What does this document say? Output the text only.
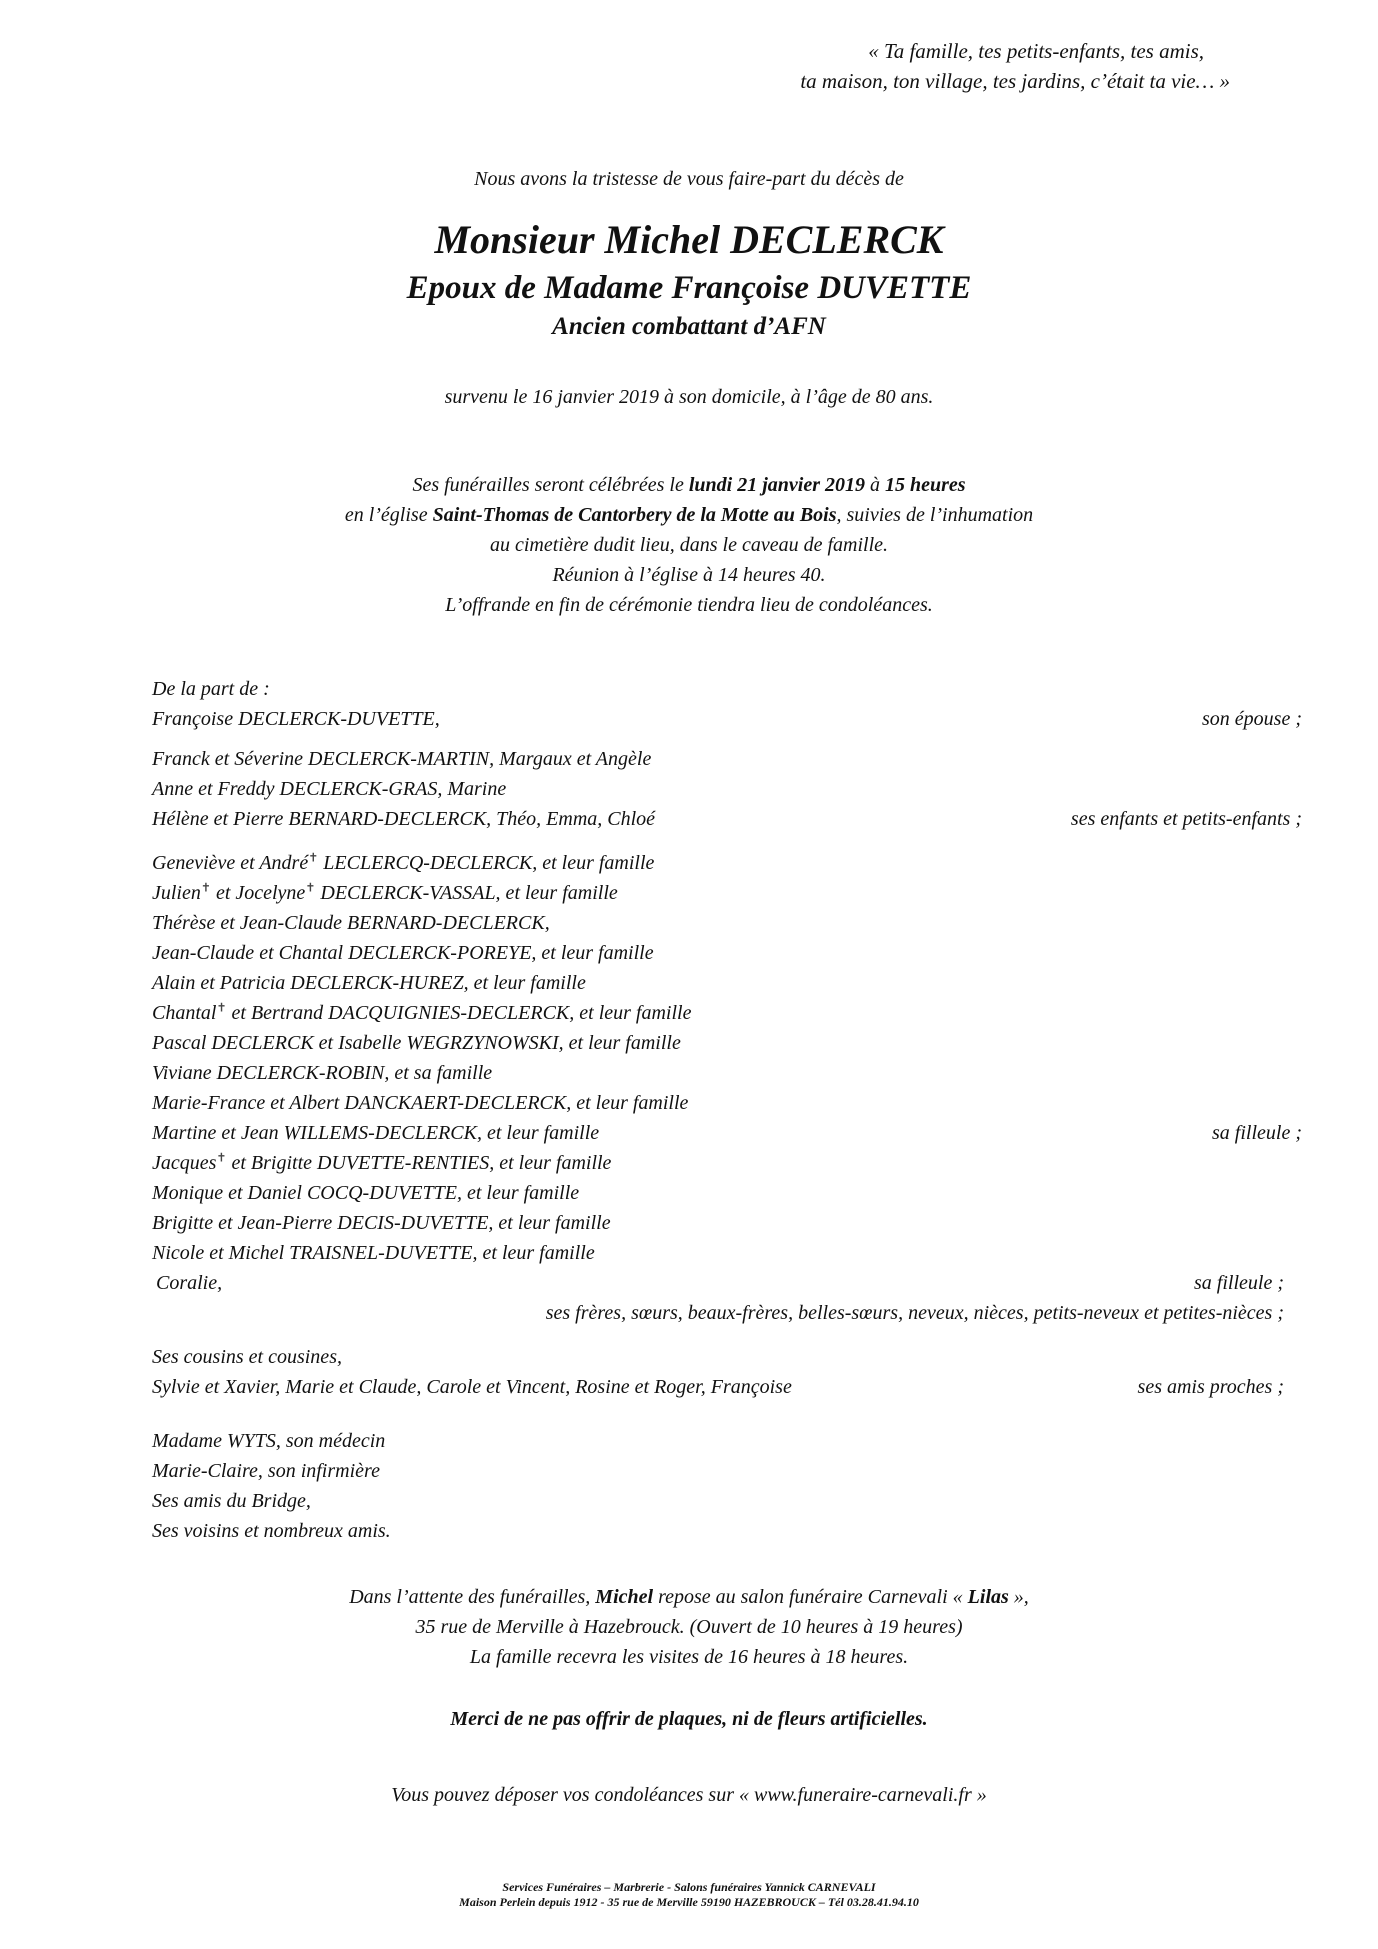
« Ta famille, tes petits-enfants, tes amis,
ta maison, ton village, tes jardins, c’était ta vie… »
Nous avons la tristesse de vous faire-part du décès de
Monsieur Michel DECLERCK
Epoux de Madame Françoise DUVETTE
Ancien combattant d’AFN
survenu le 16 janvier 2019 à son domicile, à l’âge de 80 ans.
Ses funérailles seront célébrées le lundi 21 janvier 2019 à 15 heures
en l’église Saint-Thomas de Cantorbery de la Motte au Bois, suivies de l’inhumation
au cimetière dudit lieu, dans le caveau de famille.
Réunion à l’église à 14 heures 40.
L’offrande en fin de cérémonie tiendra lieu de condoléances.
De la part de :
Françoise DECLERCK-DUVETTE,	son épouse ;
Franck et Séverine DECLERCK-MARTIN, Margaux et Angèle
Anne et Freddy DECLERCK-GRAS, Marine
Hélène et Pierre BERNARD-DECLERCK, Théo, Emma, Chloé	ses enfants et petits-enfants ;
Geneviève et André✝ LECLERCQ-DECLERCK, et leur famille
Julien✝ et Jocelyne✝ DECLERCK-VASSAL, et leur famille
Thérèse et Jean-Claude BERNARD-DECLERCK,
Jean-Claude et Chantal DECLERCK-POREYE, et leur famille
Alain et Patricia DECLERCK-HUREZ, et leur famille
Chantal✝ et Bertrand DACQUIGNIES-DECLERCK, et leur famille
Pascal DECLERCK et Isabelle WEGRZYNOWSKI, et leur famille
Viviane DECLERCK-ROBIN, et sa famille
Marie-France et Albert DANCKAERT-DECLERCK, et leur famille
Martine et Jean WILLEMS-DECLERCK, et leur famille	sa filleule ;
Jacques✝ et Brigitte DUVETTE-RENTIES, et leur famille
Monique et Daniel COCQ-DUVETTE, et leur famille
Brigitte et Jean-Pierre DECIS-DUVETTE, et leur famille
Nicole et Michel TRAISNEL-DUVETTE, et leur famille
Coralie,	sa filleule ;
ses frères, sœurs, beaux-frères, belles-sœurs, neveux, nièces, petits-neveux et petites-nièces ;
Ses cousins et cousines,
Sylvie et Xavier, Marie et Claude, Carole et Vincent, Rosine et Roger, Françoise	ses amis proches ;
Madame WYTS, son médecin
Marie-Claire, son infirmière
Ses amis du Bridge,
Ses voisins et nombreux amis.
Dans l’attente des funérailles, Michel repose au salon funéraire Carnevali « Lilas »,
35 rue de Merville à Hazebrouck. (Ouvert de 10 heures à 19 heures)
La famille recevra les visites de 16 heures à 18 heures.
Merci de ne pas offrir de plaques, ni de fleurs artificielles.
Vous pouvez déposer vos condoléances sur « www.funeraire-carnevali.fr »
Services Funéraires – Marbrerie - Salons funéraires Yannick CARNEVALI
Maison Perlein depuis 1912 - 35 rue de Merville 59190 HAZEBROUCK – Tél 03.28.41.94.10
